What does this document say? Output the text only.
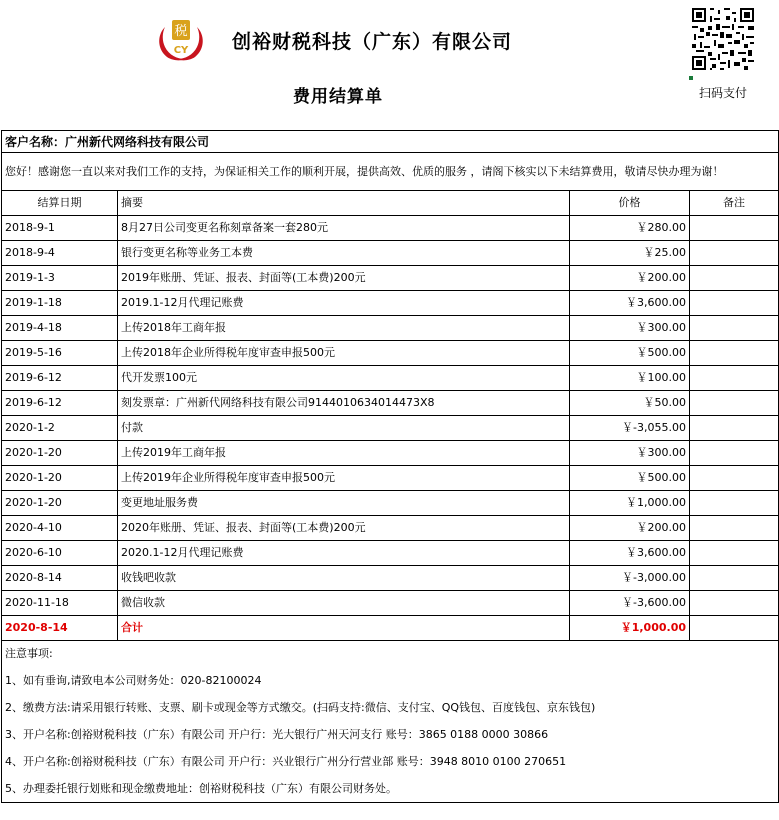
税
CY 创裕财税科技（广东）有限公司
费用结算单	扫码支付
客户名称：广州新代网络科技有限公司			
您好！感谢您一直以来对我们工作的支持，为保证相关工作的顺利开展，提供高效、优质的服务 ，请阁下核实以下未结算费用，敬请尽快办理为谢！			
结算日期	摘要	价格	备注
2018-9-1	8月27日公司变更名称刻章备案一套280元	￥280.00	
2018-9-4	银行变更名称等业务工本费	￥25.00	
2019-1-3	2019年账册、凭证、报表、封面等(工本费)200元	￥200.00	
2019-1-18	2019.1-12月代理记账费	￥3,600.00	
2019-4-18	上传2018年工商年报	￥300.00	
2019-5-16	上传2018年企业所得税年度审查申报500元	￥500.00	
2019-6-12	代开发票100元	￥100.00	
2019-6-12	刻发票章：广州新代网络科技有限公司9144010634014473X8	￥50.00	
2020-1-2	付款	￥-3,055.00	
2020-1-20	上传2019年工商年报	￥300.00	
2020-1-20	上传2019年企业所得税年度审查申报500元	￥500.00	
2020-1-20	变更地址服务费	￥1,000.00	
2020-4-10	2020年账册、凭证、报表、封面等(工本费)200元	￥200.00	
2020-6-10	2020.1-12月代理记账费	￥3,600.00	
2020-8-14	收钱吧收款	￥-3,000.00	
2020-11-18	微信收款	￥-3,600.00	
2020-8-14	合计	￥1,000.00	
注意事项:			
1、如有垂询,请致电本公司财务处：020-82100024			
2、缴费方法:请采用银行转账、支票、刷卡或现金等方式缴交。(扫码支持:微信、支付宝、QQ钱包、百度钱包、京东钱包)			
3、开户名称:创裕财税科技（广东）有限公司 开户行：光大银行广州天河支行 账号：3865 0188 0000 30866			
4、开户名称:创裕财税科技（广东）有限公司 开户行：兴业银行广州分行营业部 账号：3948 8010 0100 270651			
5、办理委托银行划账和现金缴费地址：创裕财税科技（广东）有限公司财务处。			
